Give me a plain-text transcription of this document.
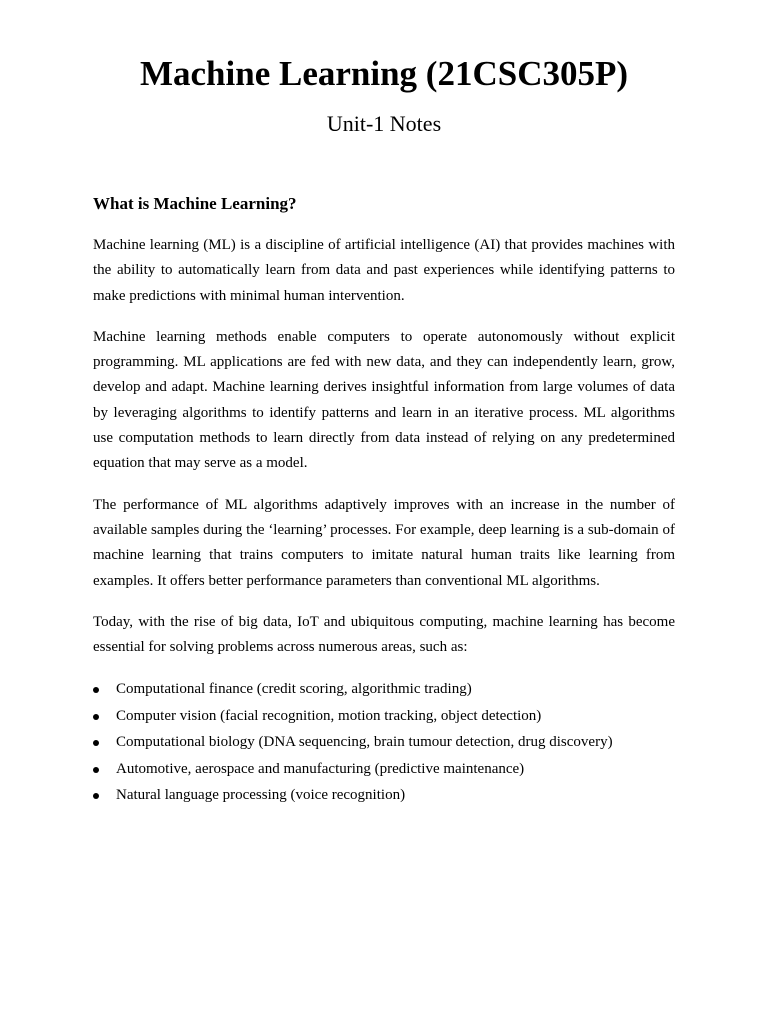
Machine Learning (21CSC305P)
Unit-1 Notes
What is Machine Learning?

Machine learning (ML) is a discipline of artificial intelligence (AI) that provides machines with the ability to automatically learn from data and past experiences while identifying patterns to make predictions with minimal human intervention.

Machine learning methods enable computers to operate autonomously without explicit programming. ML applications are fed with new data, and they can independently learn, grow, develop and adapt. Machine learning derives insightful information from large volumes of data by leveraging algorithms to identify patterns and learn in an iterative process. ML algorithms use computation methods to learn directly from data instead of relying on any predetermined equation that may serve as a model.

The performance of ML algorithms adaptively improves with an increase in the number of available samples during the ‘learning’ processes. For example, deep learning is a sub-domain of machine learning that trains computers to imitate natural human traits like learning from examples. It offers better performance parameters than conventional ML algorithms.

Today, with the rise of big data, IoT and ubiquitous computing, machine learning has become essential for solving problems across numerous areas, such as:

Computational finance (credit scoring, algorithmic trading)
Computer vision (facial recognition, motion tracking, object detection)
Computational biology (DNA sequencing, brain tumour detection, drug discovery)
Automotive, aerospace and manufacturing (predictive maintenance)
Natural language processing (voice recognition)
